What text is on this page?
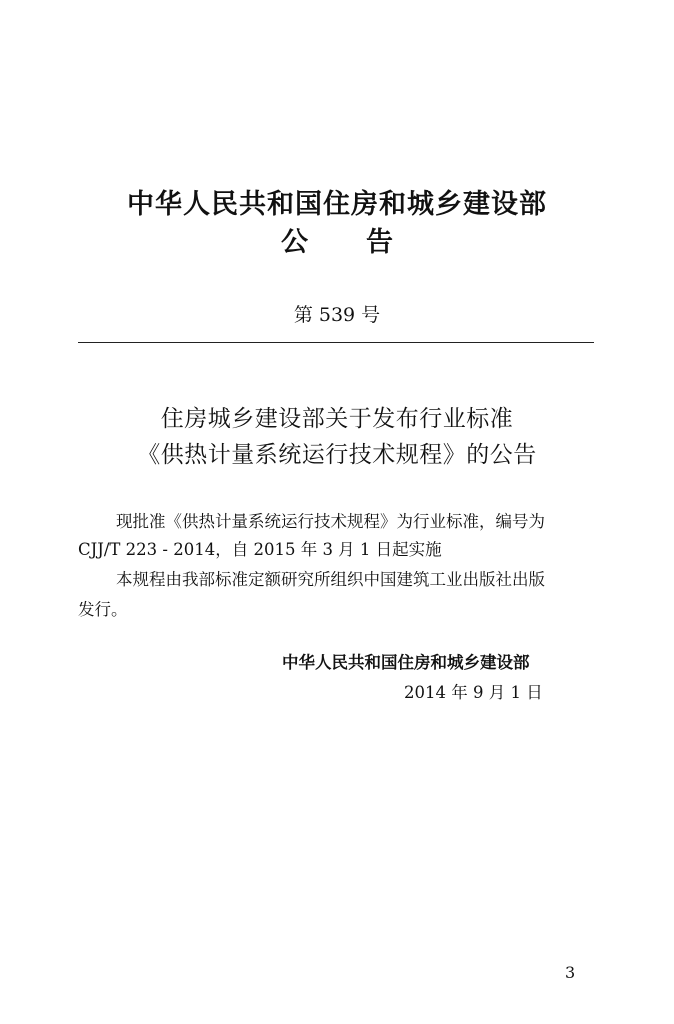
中华人民共和国住房和城乡建设部
公告
第 539 号
住房城乡建设部关于发布行业标准
《供热计量系统运行技术规程》的公告
现批准《供热计量系统运行技术规程》为行业标准，编号为
CJJ/T 223 - 2014，自 2015 年 3 月 1 日起实施
本规程由我部标准定额研究所组织中国建筑工业出版社出版
发行。
中华人民共和国住房和城乡建设部
2014 年 9 月 1 日
3
